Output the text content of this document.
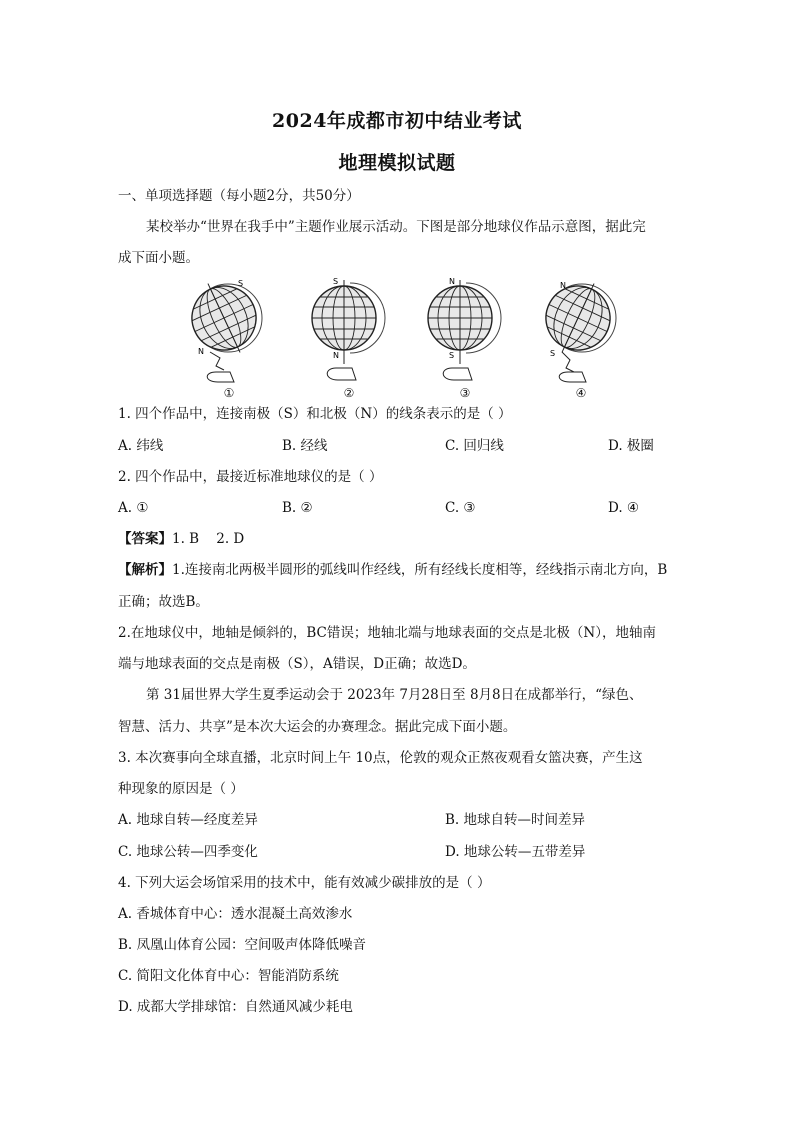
2024年成都市初中结业考试
地理模拟试题
一、单项选择题（每小题2分，共50分）
某校举办“世界在我手中”主题作业展示活动。下图是部分地球仪作品示意图，据此完
成下面小题。
S
N
①
S
N
②
N
S
③
N
S
④
1. 四个作品中，连接南极（S）和北极（N）的线条表示的是（ ）
A. 纬线	B. 经线	C. 回归线	D. 极圈
2. 四个作品中，最接近标准地球仪的是（ ）
A. ①	B. ②	C. ③	D. ④
【答案】1. B    2. D
【解析】1.连接南北两极半圆形的弧线叫作经线，所有经线长度相等，经线指示南北方向，B
正确；故选B。
2.在地球仪中，地轴是倾斜的，BC错误；地轴北端与地球表面的交点是北极（N），地轴南
端与地球表面的交点是南极（S），A错误，D正确；故选D。
第 31届世界大学生夏季运动会于 2023年 7月28日至 8月8日在成都举行，“绿色、
智慧、活力、共享”是本次大运会的办赛理念。据此完成下面小题。
3. 本次赛事向全球直播，北京时间上午 10点，伦敦的观众正熬夜观看女篮决赛，产生这
种现象的原因是（ ）
A. 地球自转—经度差异	B. 地球自转—时间差异
C. 地球公转—四季变化	D. 地球公转—五带差异
4. 下列大运会场馆采用的技术中，能有效减少碳排放的是（ ）
A. 香城体育中心：透水混凝土高效渗水
B. 凤凰山体育公园：空间吸声体降低噪音
C. 简阳文化体育中心：智能消防系统
D. 成都大学排球馆：自然通风减少耗电
